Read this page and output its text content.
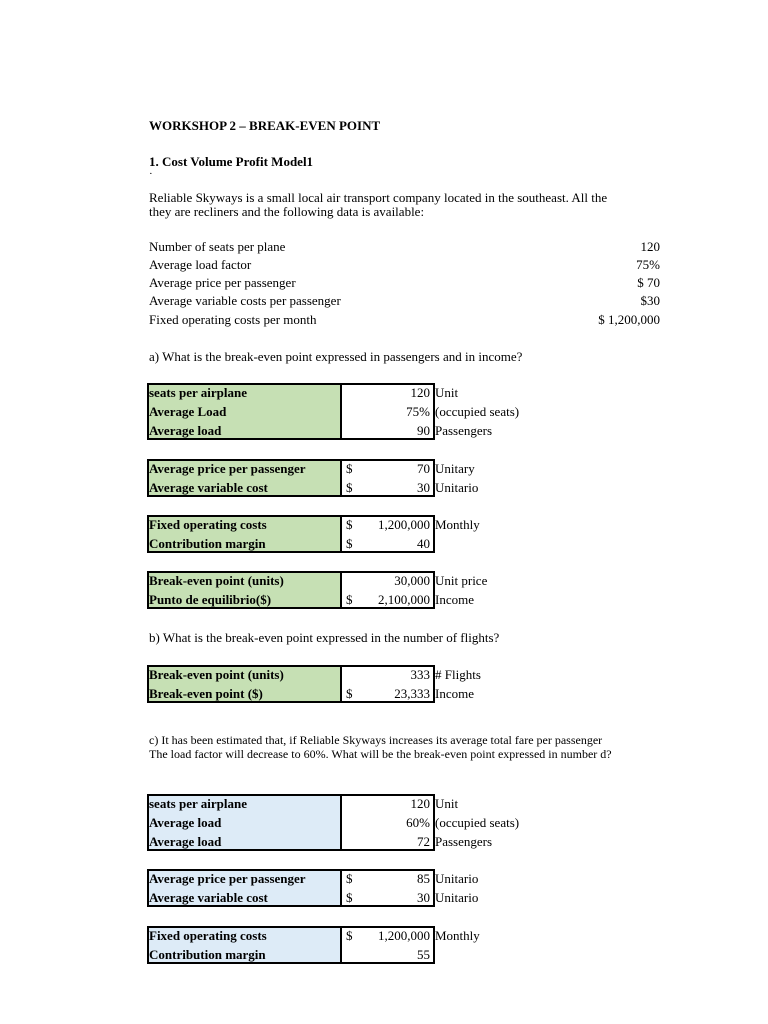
WORKSHOP 2 – BREAK-EVEN POINT
1. Cost Volume Profit Model1
·
Reliable Skyways is a small local air transport company located in the southeast. All the
they are recliners and the following data is available:
Number of seats per plane	120
Average load factor	75%
Average price per passenger	$ 70
Average variable costs per passenger	$30
Fixed operating costs per month	$ 1,200,000
a) What is the break-even point expressed in passengers and in income?
seats per airplane	120 Unit
Average Load	75% (occupied seats)
Average load	90 Passengers
Average price per passenger	$	70 Unitary
Average variable cost	$	30 Unitario
Fixed operating costs	$ 1,200,000 Monthly
Contribution margin	$	40
Break-even point (units)	30,000 Unit price
Punto de equilibrio($)	$ 2,100,000 Income
b) What is the break-even point expressed in the number of flights?
Break-even point (units)	333 # Flights
Break-even point ($)	$	23,333 Income
c) It has been estimated that, if Reliable Skyways increases its average total fare per passenger
The load factor will decrease to 60%. What will be the break-even point expressed in number d?
seats per airplane	120 Unit
Average load	60% (occupied seats)
Average load	72 Passengers
Average price per passenger	$	85 Unitario
Average variable cost	$	30 Unitario
Fixed operating costs	$ 1,200,000 Monthly
Contribution margin	55
